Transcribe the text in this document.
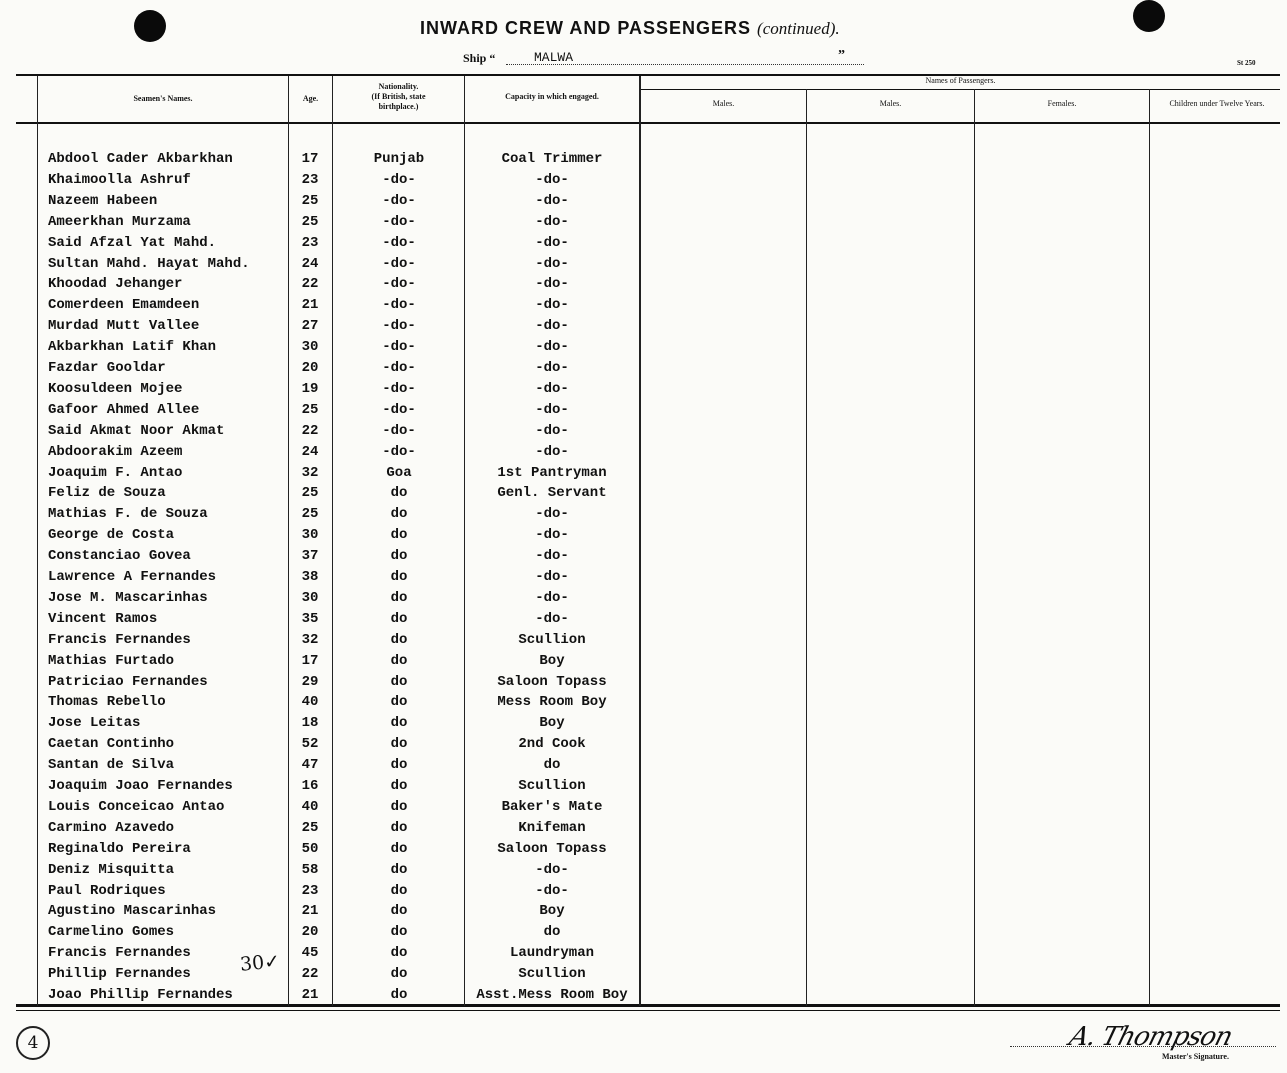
INWARD CREW AND PASSENGERS (continued).
Ship “	MALWA	”	St 250
Seamen's Names.	Age.
Nationality.
(If British, state
birthplace.)
Capacity in which engaged.
Names of Passengers.
Males.	Males.	Females.	Children under Twelve Years.
Abdool Cader Akbarkhan	17	Punjab	Coal Trimmer
Khaimoolla Ashruf	23	-do-	-do-
Nazeem Habeen	25	-do-	-do-
Ameerkhan Murzama	25	-do-	-do-
Said Afzal Yat Mahd.	23	-do-	-do-
Sultan Mahd. Hayat Mahd.	24	-do-	-do-
Khoodad Jehanger	22	-do-	-do-
Comerdeen Emamdeen	21	-do-	-do-
Murdad Mutt Vallee	27	-do-	-do-
Akbarkhan Latif Khan	30	-do-	-do-
Fazdar Gooldar	20	-do-	-do-
Koosuldeen Mojee	19	-do-	-do-
Gafoor Ahmed Allee	25	-do-	-do-
Said Akmat Noor Akmat	22	-do-	-do-
Abdoorakim Azeem	24	-do-	-do-
Joaquim F. Antao	32	Goa	1st Pantryman
Feliz de Souza	25	do	Genl. Servant
Mathias F. de Souza	25	do	-do-
George de Costa	30	do	-do-
Constanciao Govea	37	do	-do-
Lawrence A Fernandes	38	do	-do-
Jose M. Mascarinhas	30	do	-do-
Vincent Ramos	35	do	-do-
Francis Fernandes	32	do	Scullion
Mathias Furtado	17	do	Boy
Patriciao Fernandes	29	do	Saloon Topass
Thomas Rebello	40	do	Mess Room Boy
Jose Leitas	18	do	Boy
Caetan Continho	52	do	2nd Cook
Santan de Silva	47	do	do
Joaquim Joao Fernandes	16	do	Scullion
Louis Conceicao Antao	40	do	Baker's Mate
Carmino Azavedo	25	do	Knifeman
Reginaldo Pereira	50	do	Saloon Topass
Deniz Misquitta	58	do	-do-
Paul Rodriques	23	do	-do-
Agustino Mascarinhas	21	do	Boy
Carmelino Gomes	20	do	do
Francis Fernandes	45	do	Laundryman
Phillip Fernandes	22	do	Scullion
Joao Phillip Fernandes	21	do	Asst.Mess Room Boy
30✓
4	A. Thompson
Master's Signature.
